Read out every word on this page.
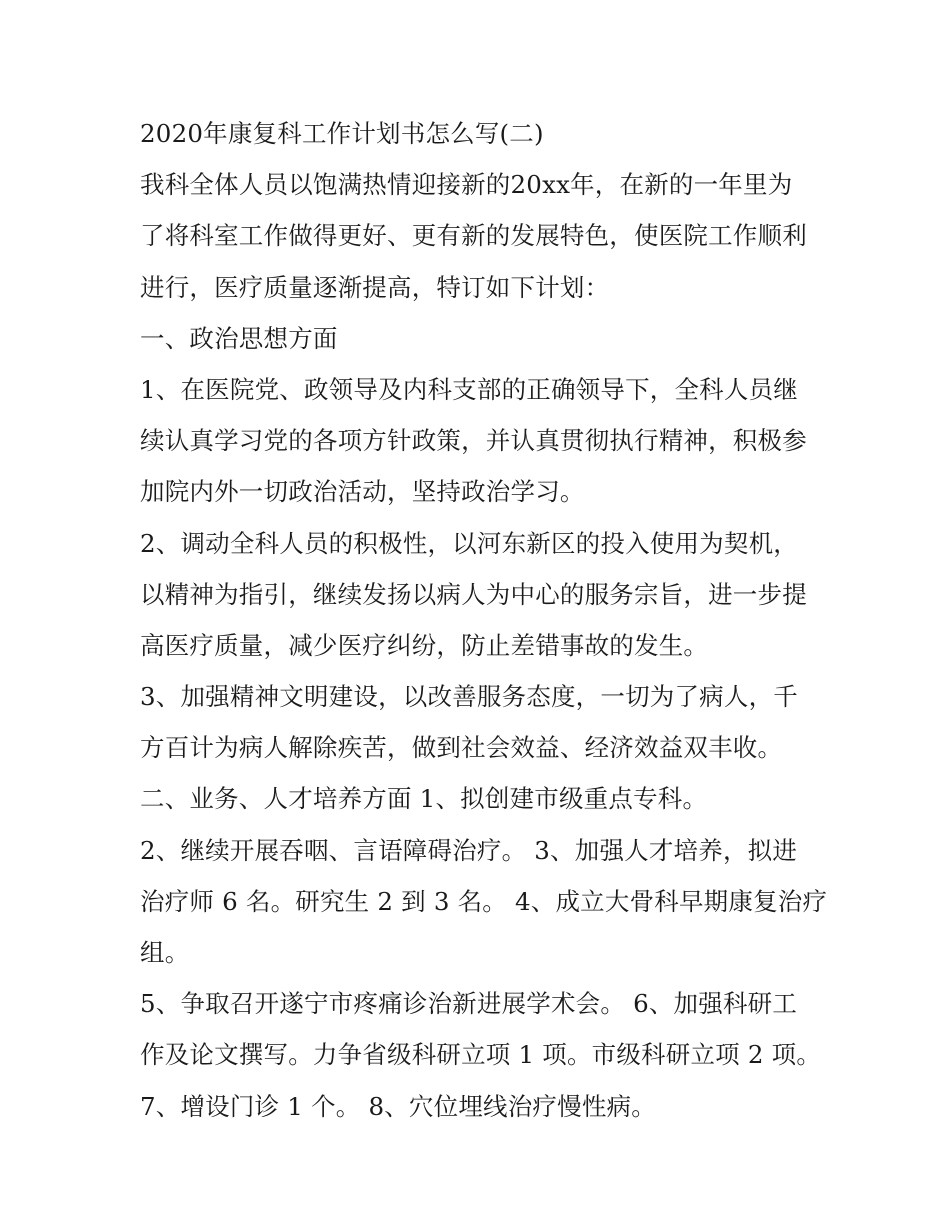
2020年康复科工作计划书怎么写(二)
我科全体人员以饱满热情迎接新的20xx年，在新的一年里为
了将科室工作做得更好、更有新的发展特色，使医院工作顺利
进行，医疗质量逐渐提高，特订如下计划：
一、政治思想方面
1、在医院党、政领导及内科支部的正确领导下，全科人员继
续认真学习党的各项方针政策，并认真贯彻执行精神，积极参
加院内外一切政治活动，坚持政治学习。
2、调动全科人员的积极性，以河东新区的投入使用为契机，
以精神为指引，继续发扬以病人为中心的服务宗旨，进一步提
高医疗质量，减少医疗纠纷，防止差错事故的发生。
3、加强精神文明建设，以改善服务态度，一切为了病人，千
方百计为病人解除疾苦，做到社会效益、经济效益双丰收。
二、业务、人才培养方面 1、拟创建市级重点专科。
2、继续开展吞咽、言语障碍治疗。 3、加强人才培养，拟进
治疗师 6 名。研究生 2 到 3 名。 4、成立大骨科早期康复治疗
组。
5、争取召开遂宁市疼痛诊治新进展学术会。 6、加强科研工
作及论文撰写。力争省级科研立项 1 项。市级科研立项 2 项。
7、增设门诊 1 个。 8、穴位埋线治疗慢性病。
